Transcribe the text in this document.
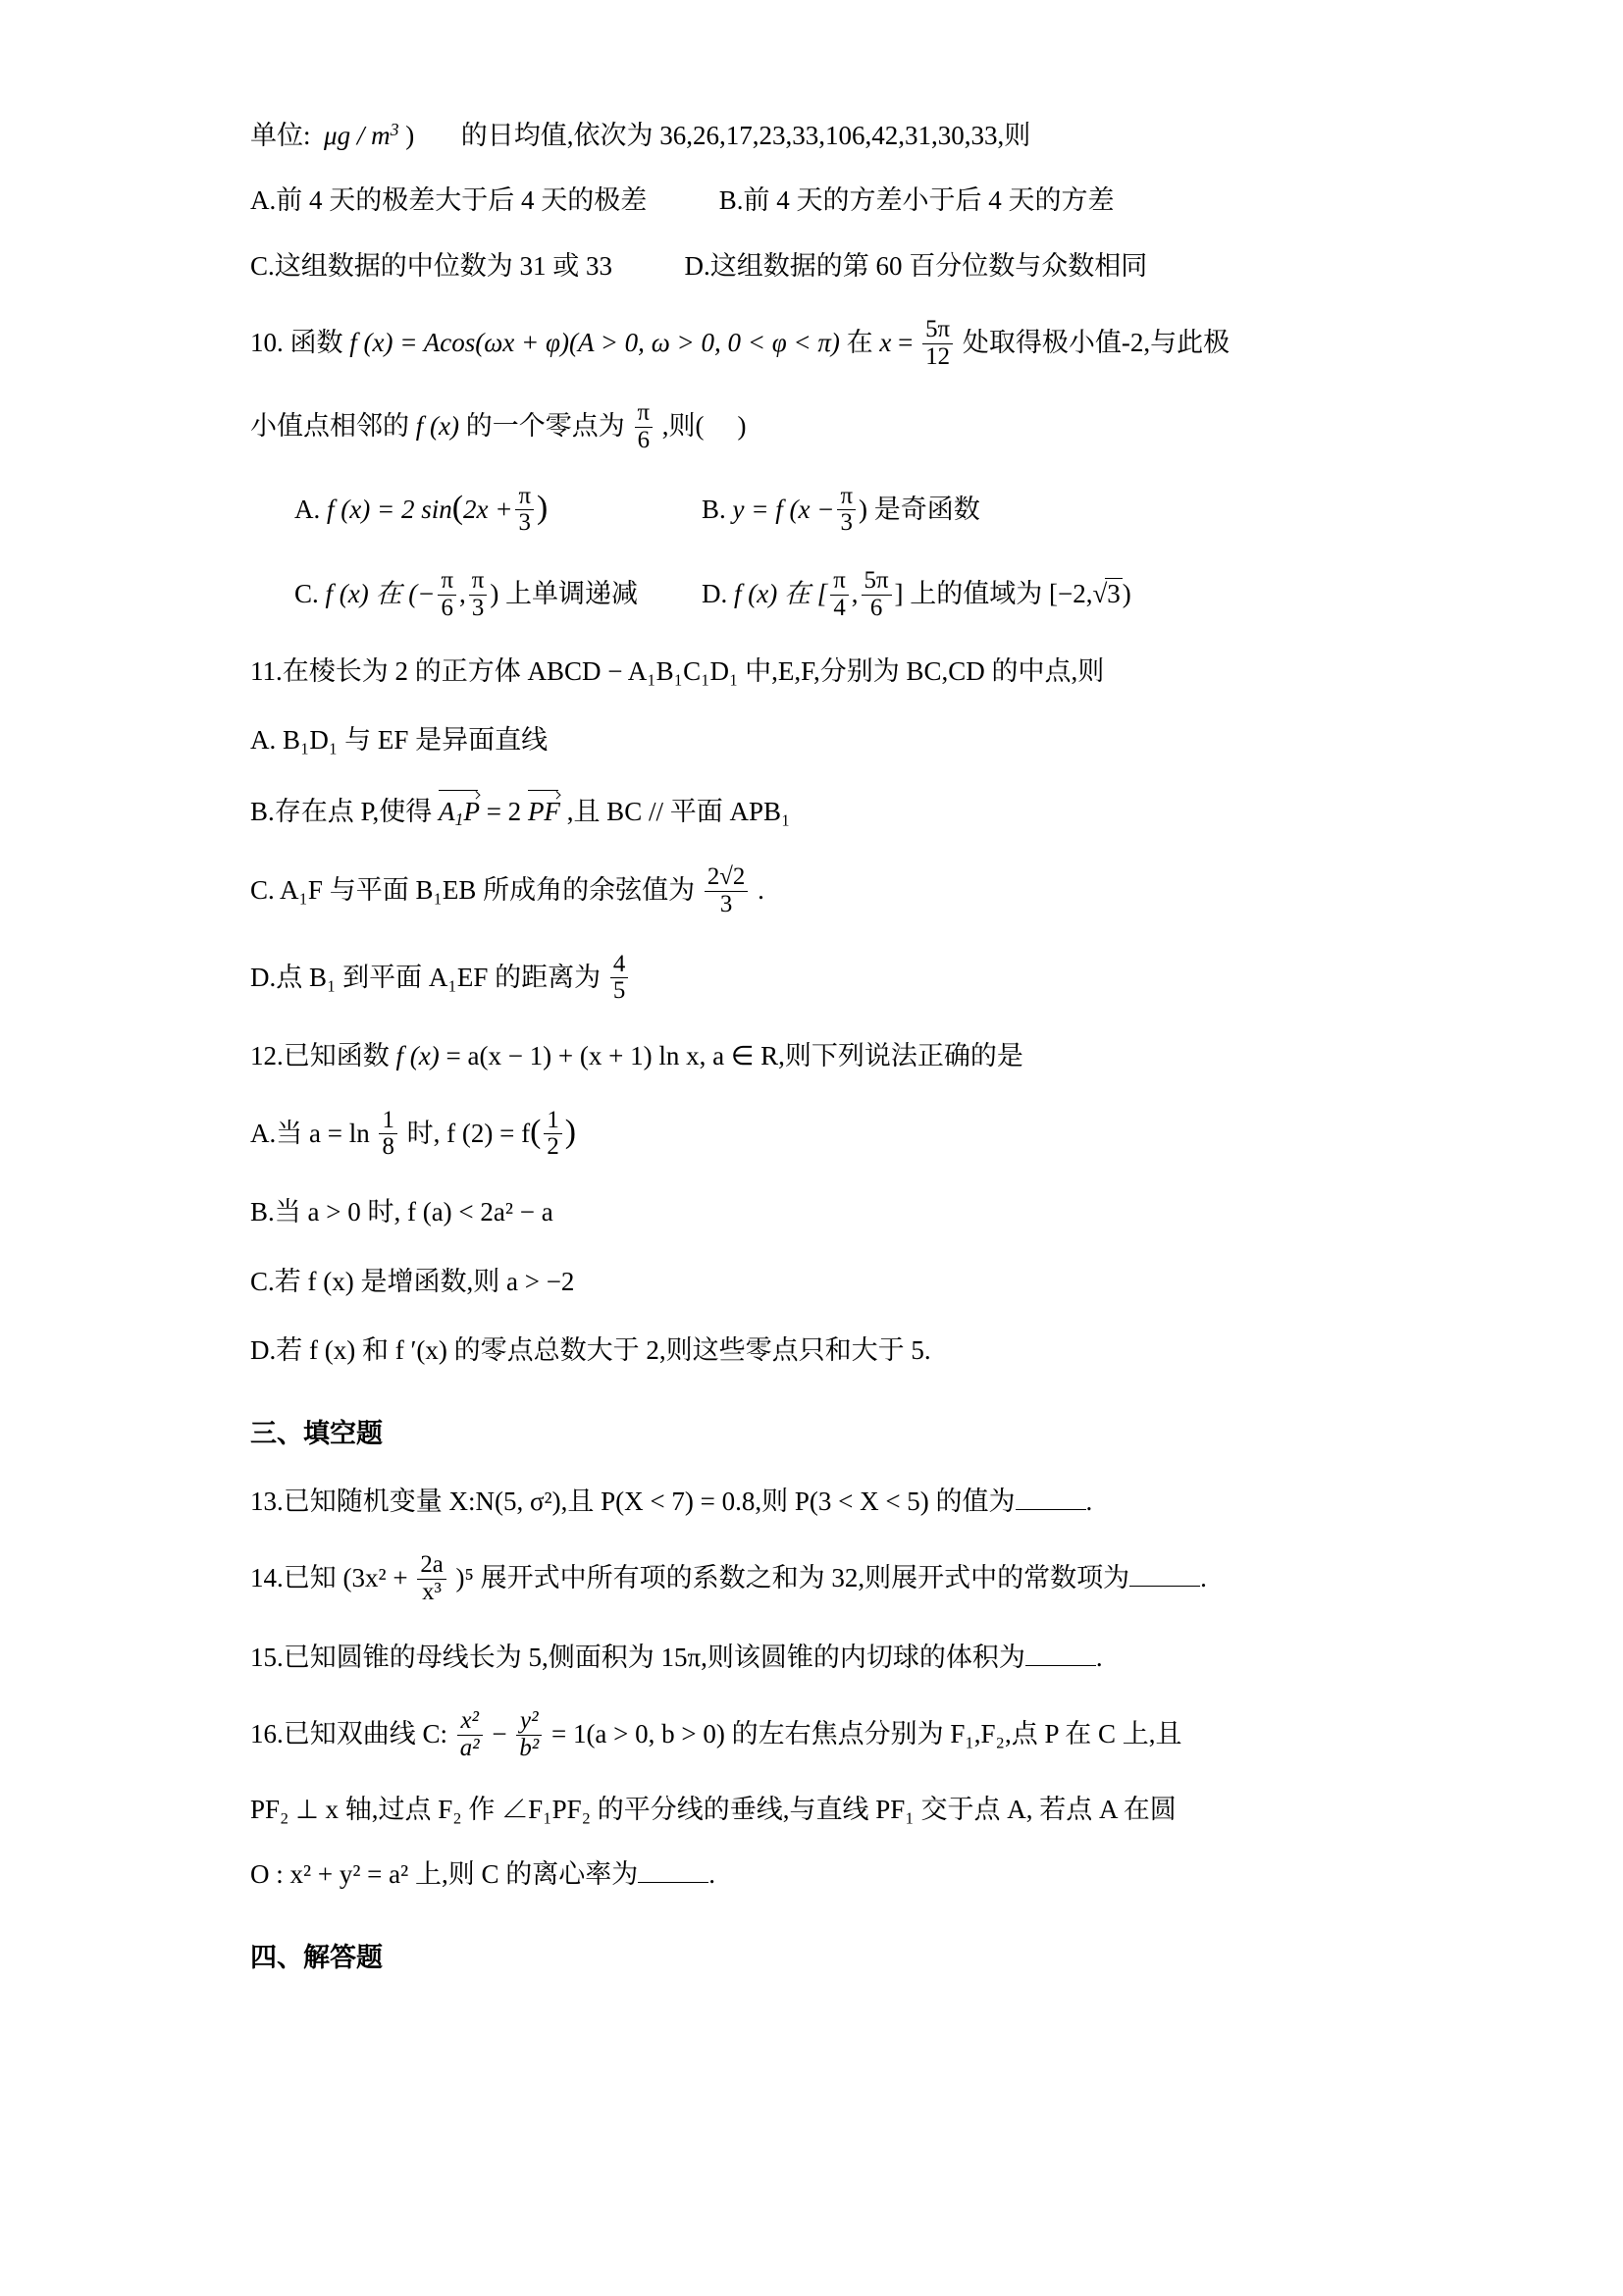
单位: μg / $m^3$ ) 的日均值,依次为 36,26,17,23,33,106,42,31,30,33,则
A.前 4 天的极差大于后 4 天的极差	B.前 4 天的方差小于后 4 天的方差
C.这组数据的中位数为 31 或 33	D.这组数据的第 60 百分位数与众数相同
10. 函数 f (x) = Acos(ωx + φ)(A > 0, ω > 0, 0 < φ < π) 在 $x = \frac{5\pi}{12}$ 处取得极小值-2,与此极
小值点相邻的 f (x) 的一个零点为 $\frac{\pi}{6}$ ,则( )
A. f (x) = 2 $\sin(2x + \frac{\pi}{3}$ )	B. y = f ($x - \frac{\pi}{3}$ ) 是奇函数
C. f (x) 在 (− $\frac{\pi}{6}$ , $\frac{\pi}{3}$ ) 上单调递减	D. f (x) 在 [ $\frac{\pi}{4}$ , $\frac{5\pi}{6}$ ] 上的值域为 [−2,√3)
11.在棱长为 2 的正方体 ABCD − A₁B₁C₁D₁ 中,E,F,分别为 BC,CD 的中点,则
A. B₁D₁ 与 EF 是异面直线
B.存在点 P,使得 $A_1P = 2$ PF ,且 BC // 平面 APB₁
C. A₁F 与平面 B₁EB 所成角的余弦值为 $\frac{2√2}{3}$ .
D.点 B₁ 到平面 A₁EF 的距离为 $\frac{4}{5}$
12.已知函数 f (x) = a(x − 1) + (x + 1) ln x, a ∈ R,则下列说法正确的是
A.当 $a = \ln \frac{1}{8}$ 时, f $(2) = f( \frac{1}{2}$ )
B.当 a > 0 时, f (a) < 2a² − a
C.若 f (x) 是增函数,则 a > −2
D.若 f (x) 和 f ′(x) 的零点总数大于 2,则这些零点只和大于 5.
三、填空题
13.已知随机变量 X:N(5, σ²),且 P(X < 7) = 0.8,则 P(3 < X < 5) 的值为	.
14.已知 $(3x^2 + \frac{2a}{\text{x³}} )^5$ 展开式中所有项的系数之和为 32,则展开式中的常数项为	.
15.已知圆锥的母线长为 5,侧面积为 15π,则该圆锥的内切球的体积为	.
16.已知双曲线 C: $\frac{\text{x²}}{\text{a²}} - \frac{\text{y²}}{\text{b²}} = 1(a > 0$, b > 0) 的左右焦点分别为 F₁,F₂,点 P 在 C 上,且
PF₂ ⊥ x 轴,过点 F₂ 作 ∠F₁PF₂ 的平分线的垂线,与直线 PF₁ 交于点 A, 若点 A 在圆
O : x² + y² = a² 上,则 C 的离心率为	.
四、解答题
